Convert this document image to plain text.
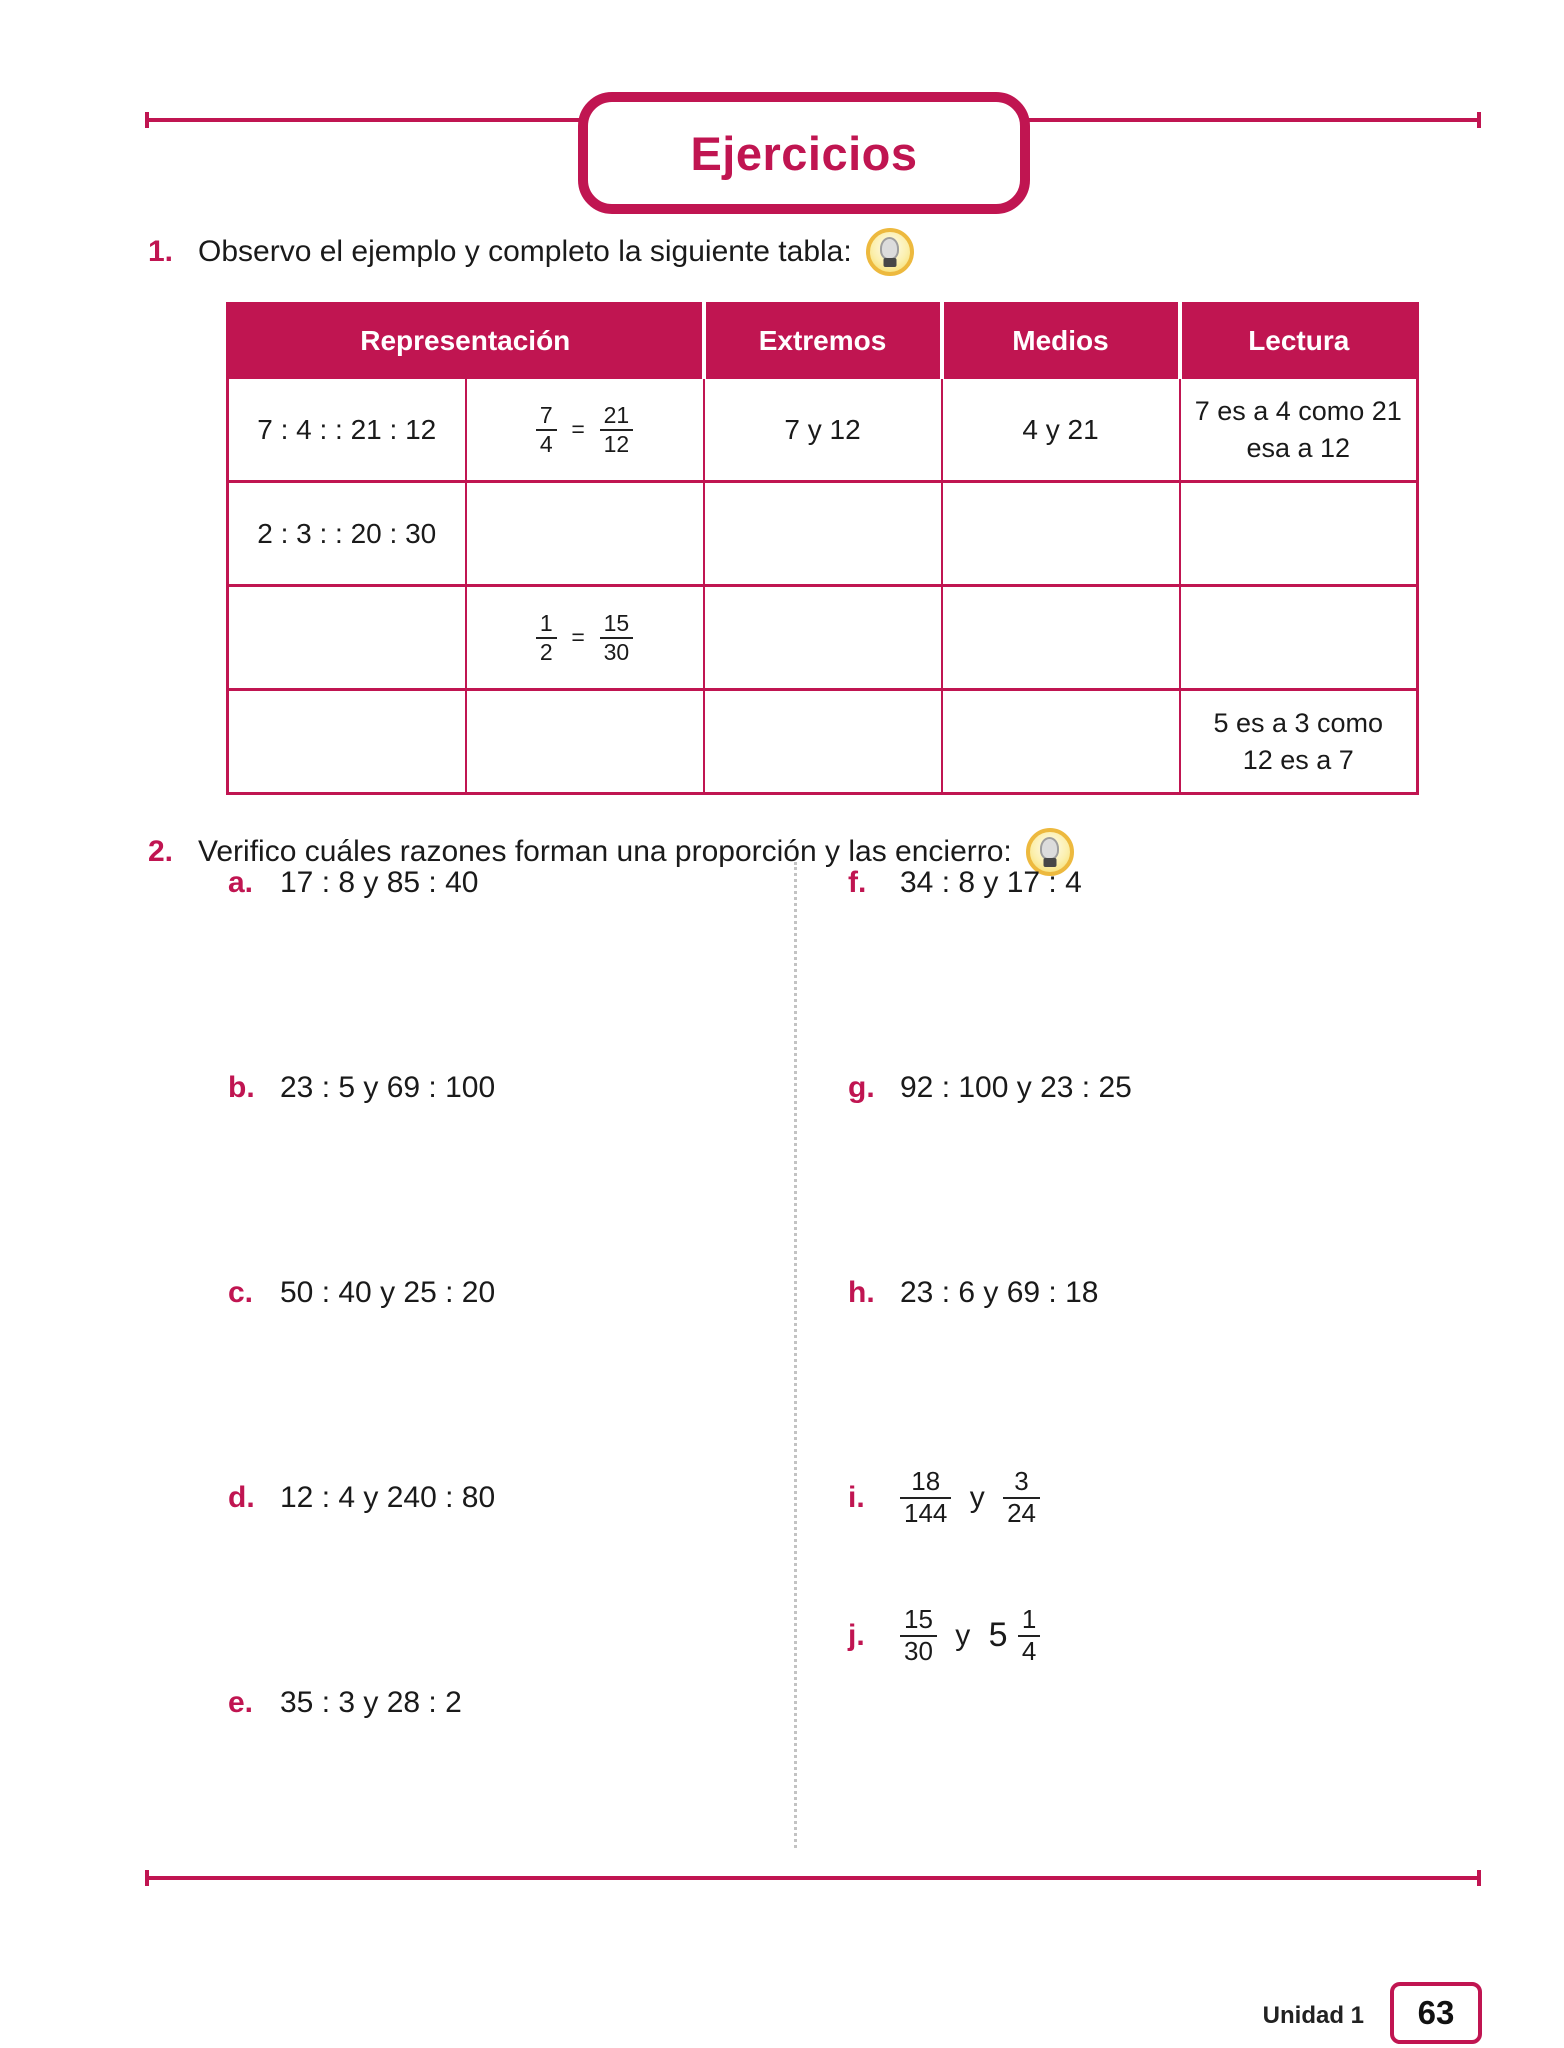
Ejercicios
1. Observo el ejemplo y completo la siguiente tabla:
Representación		Extremos	Medios	Lectura
7 : 4 : : 21 : 12	$\frac{7}{4} = \frac{21}{12}$	7 y 12	4 y 21	7 es a 4 como 21
esa a 12

2 : 3 : : 20 : 30				

	$\frac{1}{2} = \frac{15}{30}$

				5 es a 3 como
12 es a 7
2. Verifico cuáles razones forman una proporción y las encierro:
a. 17 : 8 y 85 : 40
b. 23 : 5 y 69 : 100
c. 50 : 40 y 25 : 20
d. 12 : 4 y 240 : 80
e. 35 : 3 y 28 : 2
f.	34 : 8 y 17 : 4
g. 92 : 100 y 23 : 25
h. 23 : 6 y 69 : 18
i.	$\frac{18}{144}$ y $\frac{3}{24}$
j.	$\frac{15}{30}$ y $5 \frac{1}{4}$
Unidad 1 63
